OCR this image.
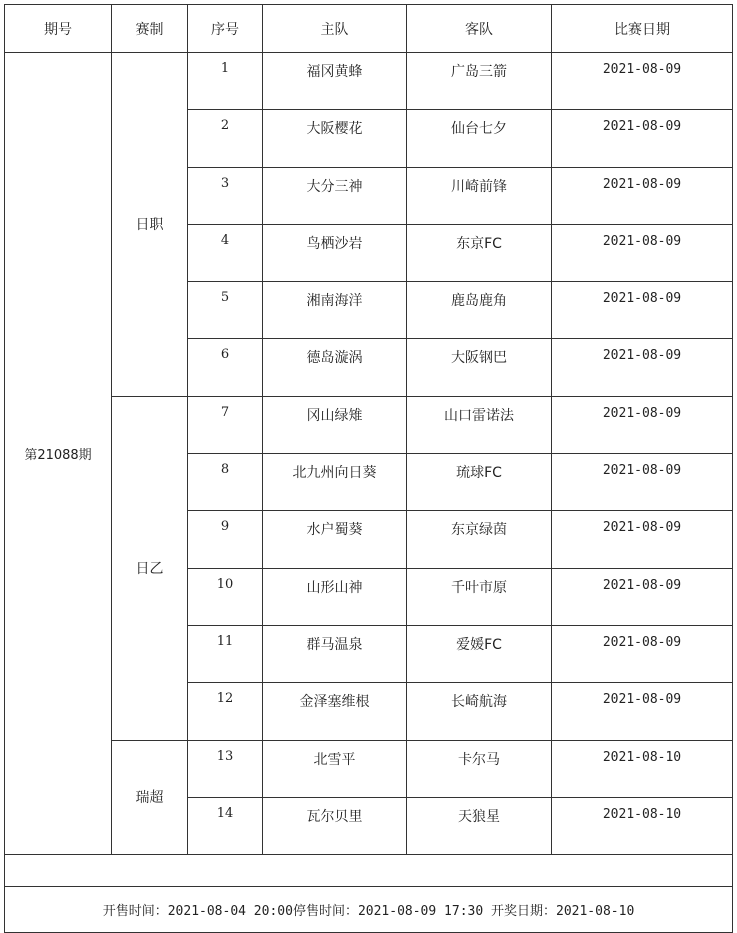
期号	赛制	序号	主队	客队	比赛日期
第21088期	日职	1	福冈黄蜂	广岛三箭	2021-08-09
		2	大阪樱花	仙台七夕	2021-08-09
		3	大分三神	川崎前锋	2021-08-09
		4	鸟栖沙岩	东京FC	2021-08-09
		5	湘南海洋	鹿岛鹿角	2021-08-09
		6	德岛漩涡	大阪钢巴	2021-08-09
	日乙	7	冈山绿雉	山口雷诺法	2021-08-09
		8	北九州向日葵	琉球FC	2021-08-09
		9	水户蜀葵	东京绿茵	2021-08-09
		10	山形山神	千叶市原	2021-08-09
		11	群马温泉	爱媛FC	2021-08-09
		12	金泽塞维根	长崎航海	2021-08-09
	瑞超	13	北雪平	卡尔马	2021-08-10
		14	瓦尔贝里	天狼星	2021-08-10

开售时间：2021-08-04 20:00停售时间：2021-08-09 17:30 开奖日期：2021-08-10					
